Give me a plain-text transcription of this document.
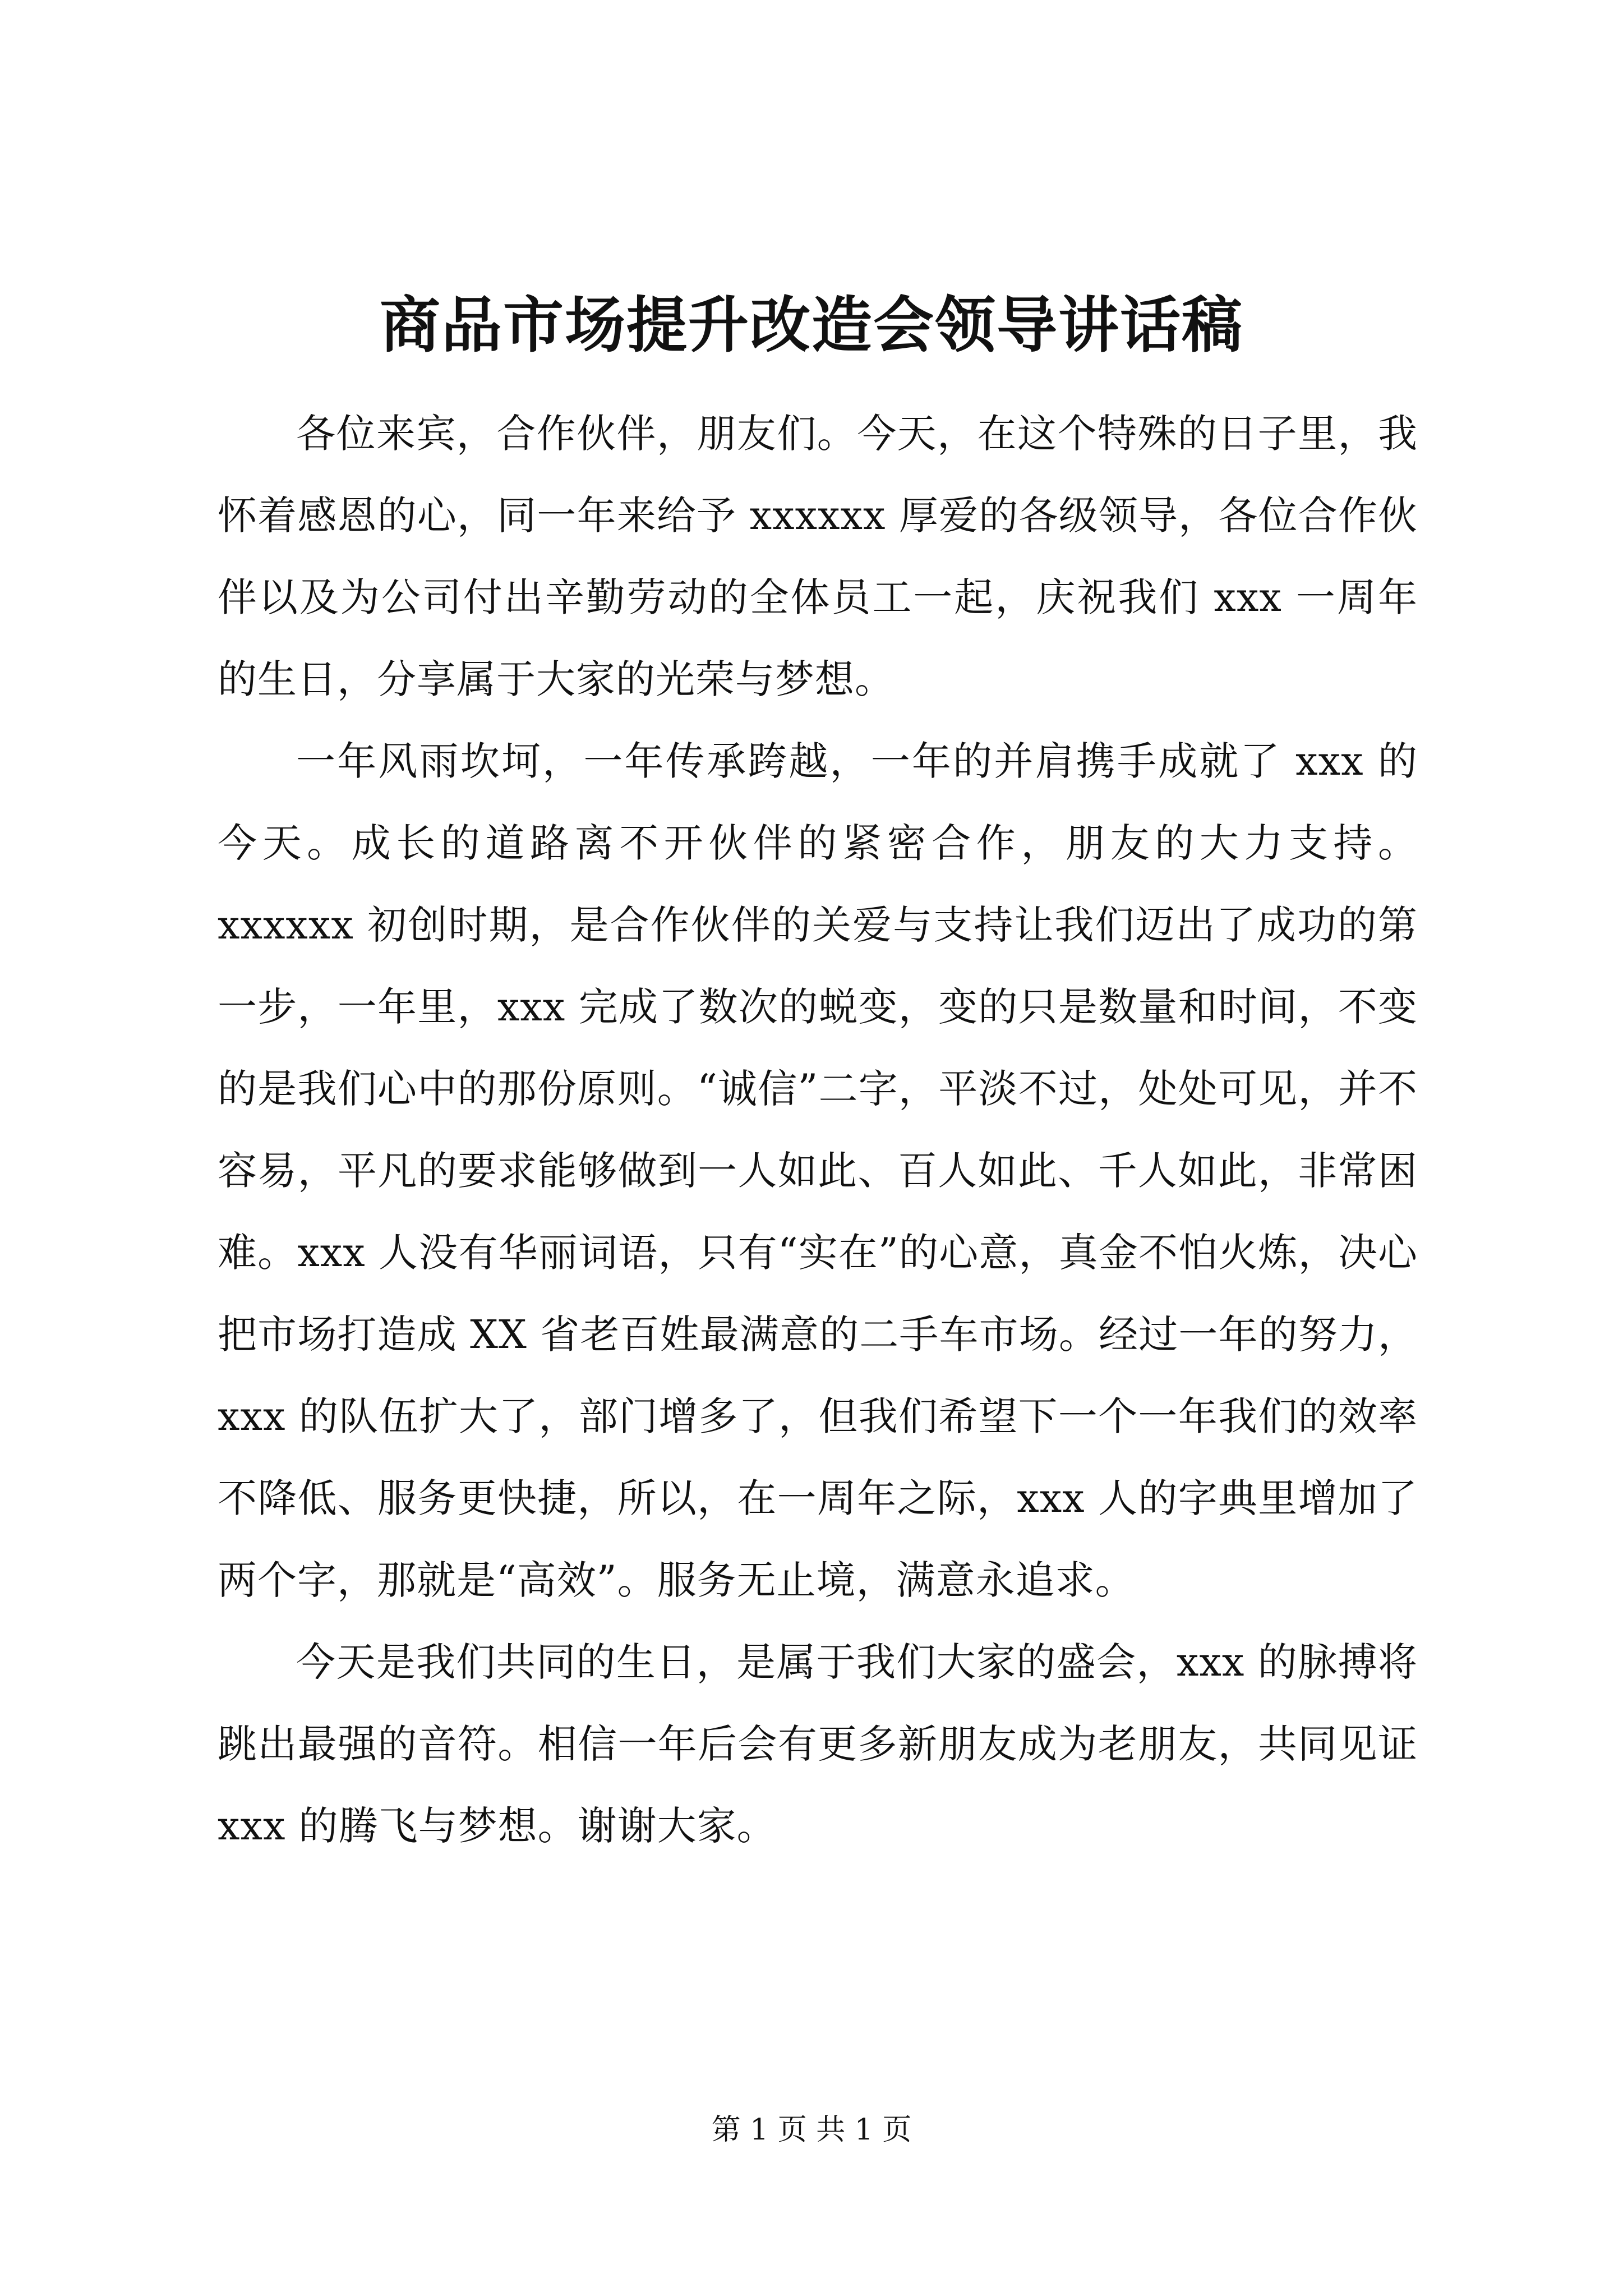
商品市场提升改造会领导讲话稿

各位来宾，合作伙伴，朋友们。今天，在这个特殊的日子里，我怀着感恩的心，同一年来给予 xxxxxx 厚爱的各级领导，各位合作伙伴以及为公司付出辛勤劳动的全体员工一起，庆祝我们 xxx 一周年的生日，分享属于大家的光荣与梦想。

一年风雨坎坷，一年传承跨越，一年的并肩携手成就了 xxx 的今天。成长的道路离不开伙伴的紧密合作，朋友的大力支持。xxxxxx 初创时期，是合作伙伴的关爱与支持让我们迈出了成功的第一步，一年里，xxx 完成了数次的蜕变，变的只是数量和时间，不变的是我们心中的那份原则。“诚信”二字，平淡不过，处处可见，并不容易，平凡的要求能够做到一人如此、百人如此、千人如此，非常困难。xxx 人没有华丽词语，只有“实在”的心意，真金不怕火炼，决心把市场打造成 XX 省老百姓最满意的二手车市场。经过一年的努力，xxx 的队伍扩大了，部门增多了，但我们希望下一个一年我们的效率不降低、服务更快捷，所以，在一周年之际，xxx 人的字典里增加了两个字，那就是“高效”。服务无止境，满意永追求。

今天是我们共同的生日，是属于我们大家的盛会，xxx 的脉搏将跳出最强的音符。相信一年后会有更多新朋友成为老朋友，共同见证 xxx 的腾飞与梦想。谢谢大家。

第 1 页 共 1 页
